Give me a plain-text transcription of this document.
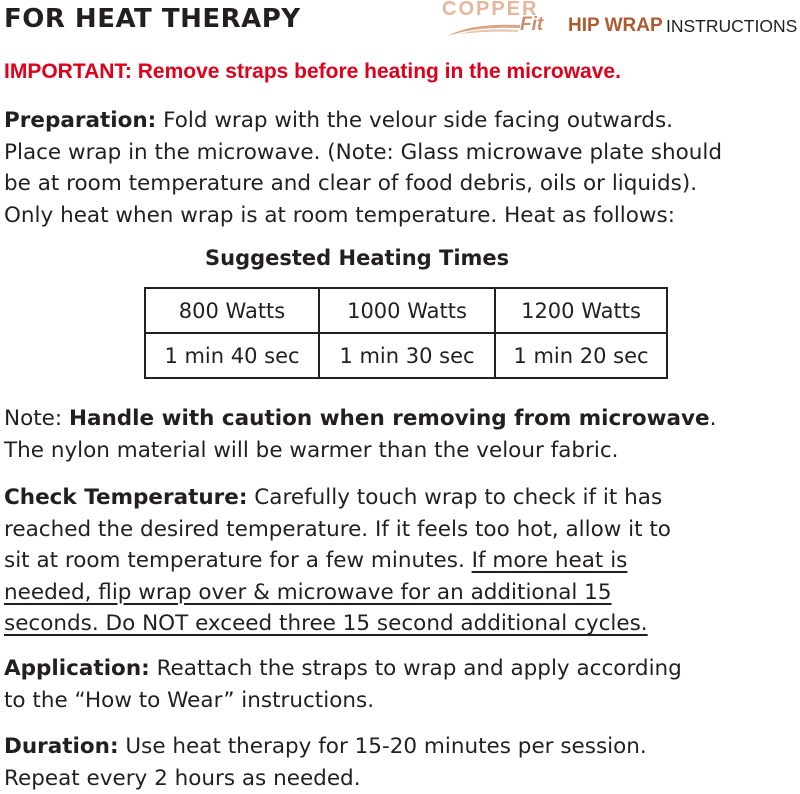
FOR HEAT THERAPY	COPPER
Fit HIP WRAP INSTRUCTIONS
IMPORTANT: Remove straps before heating in the microwave.
Preparation: Fold wrap with the velour side facing outwards.
Place wrap in the microwave. (Note: Glass microwave plate should
be at room temperature and clear of food debris, oils or liquids).
Only heat when wrap is at room temperature. Heat as follows:
Suggested Heating Times
800 Watts	1000 Watts	1200 Watts
1 min 40 sec	1 min 30 sec	1 min 20 sec
Note: Handle with caution when removing from microwave.
The nylon material will be warmer than the velour fabric.
Check Temperature: Carefully touch wrap to check if it has
reached the desired temperature. If it feels too hot, allow it to
sit at room temperature for a few minutes. If more heat is
needed, flip wrap over & microwave for an additional 15
seconds. Do NOT exceed three 15 second additional cycles.
Application: Reattach the straps to wrap and apply according
to the “How to Wear” instructions.
Duration: Use heat therapy for 15-20 minutes per session.
Repeat every 2 hours as needed.
